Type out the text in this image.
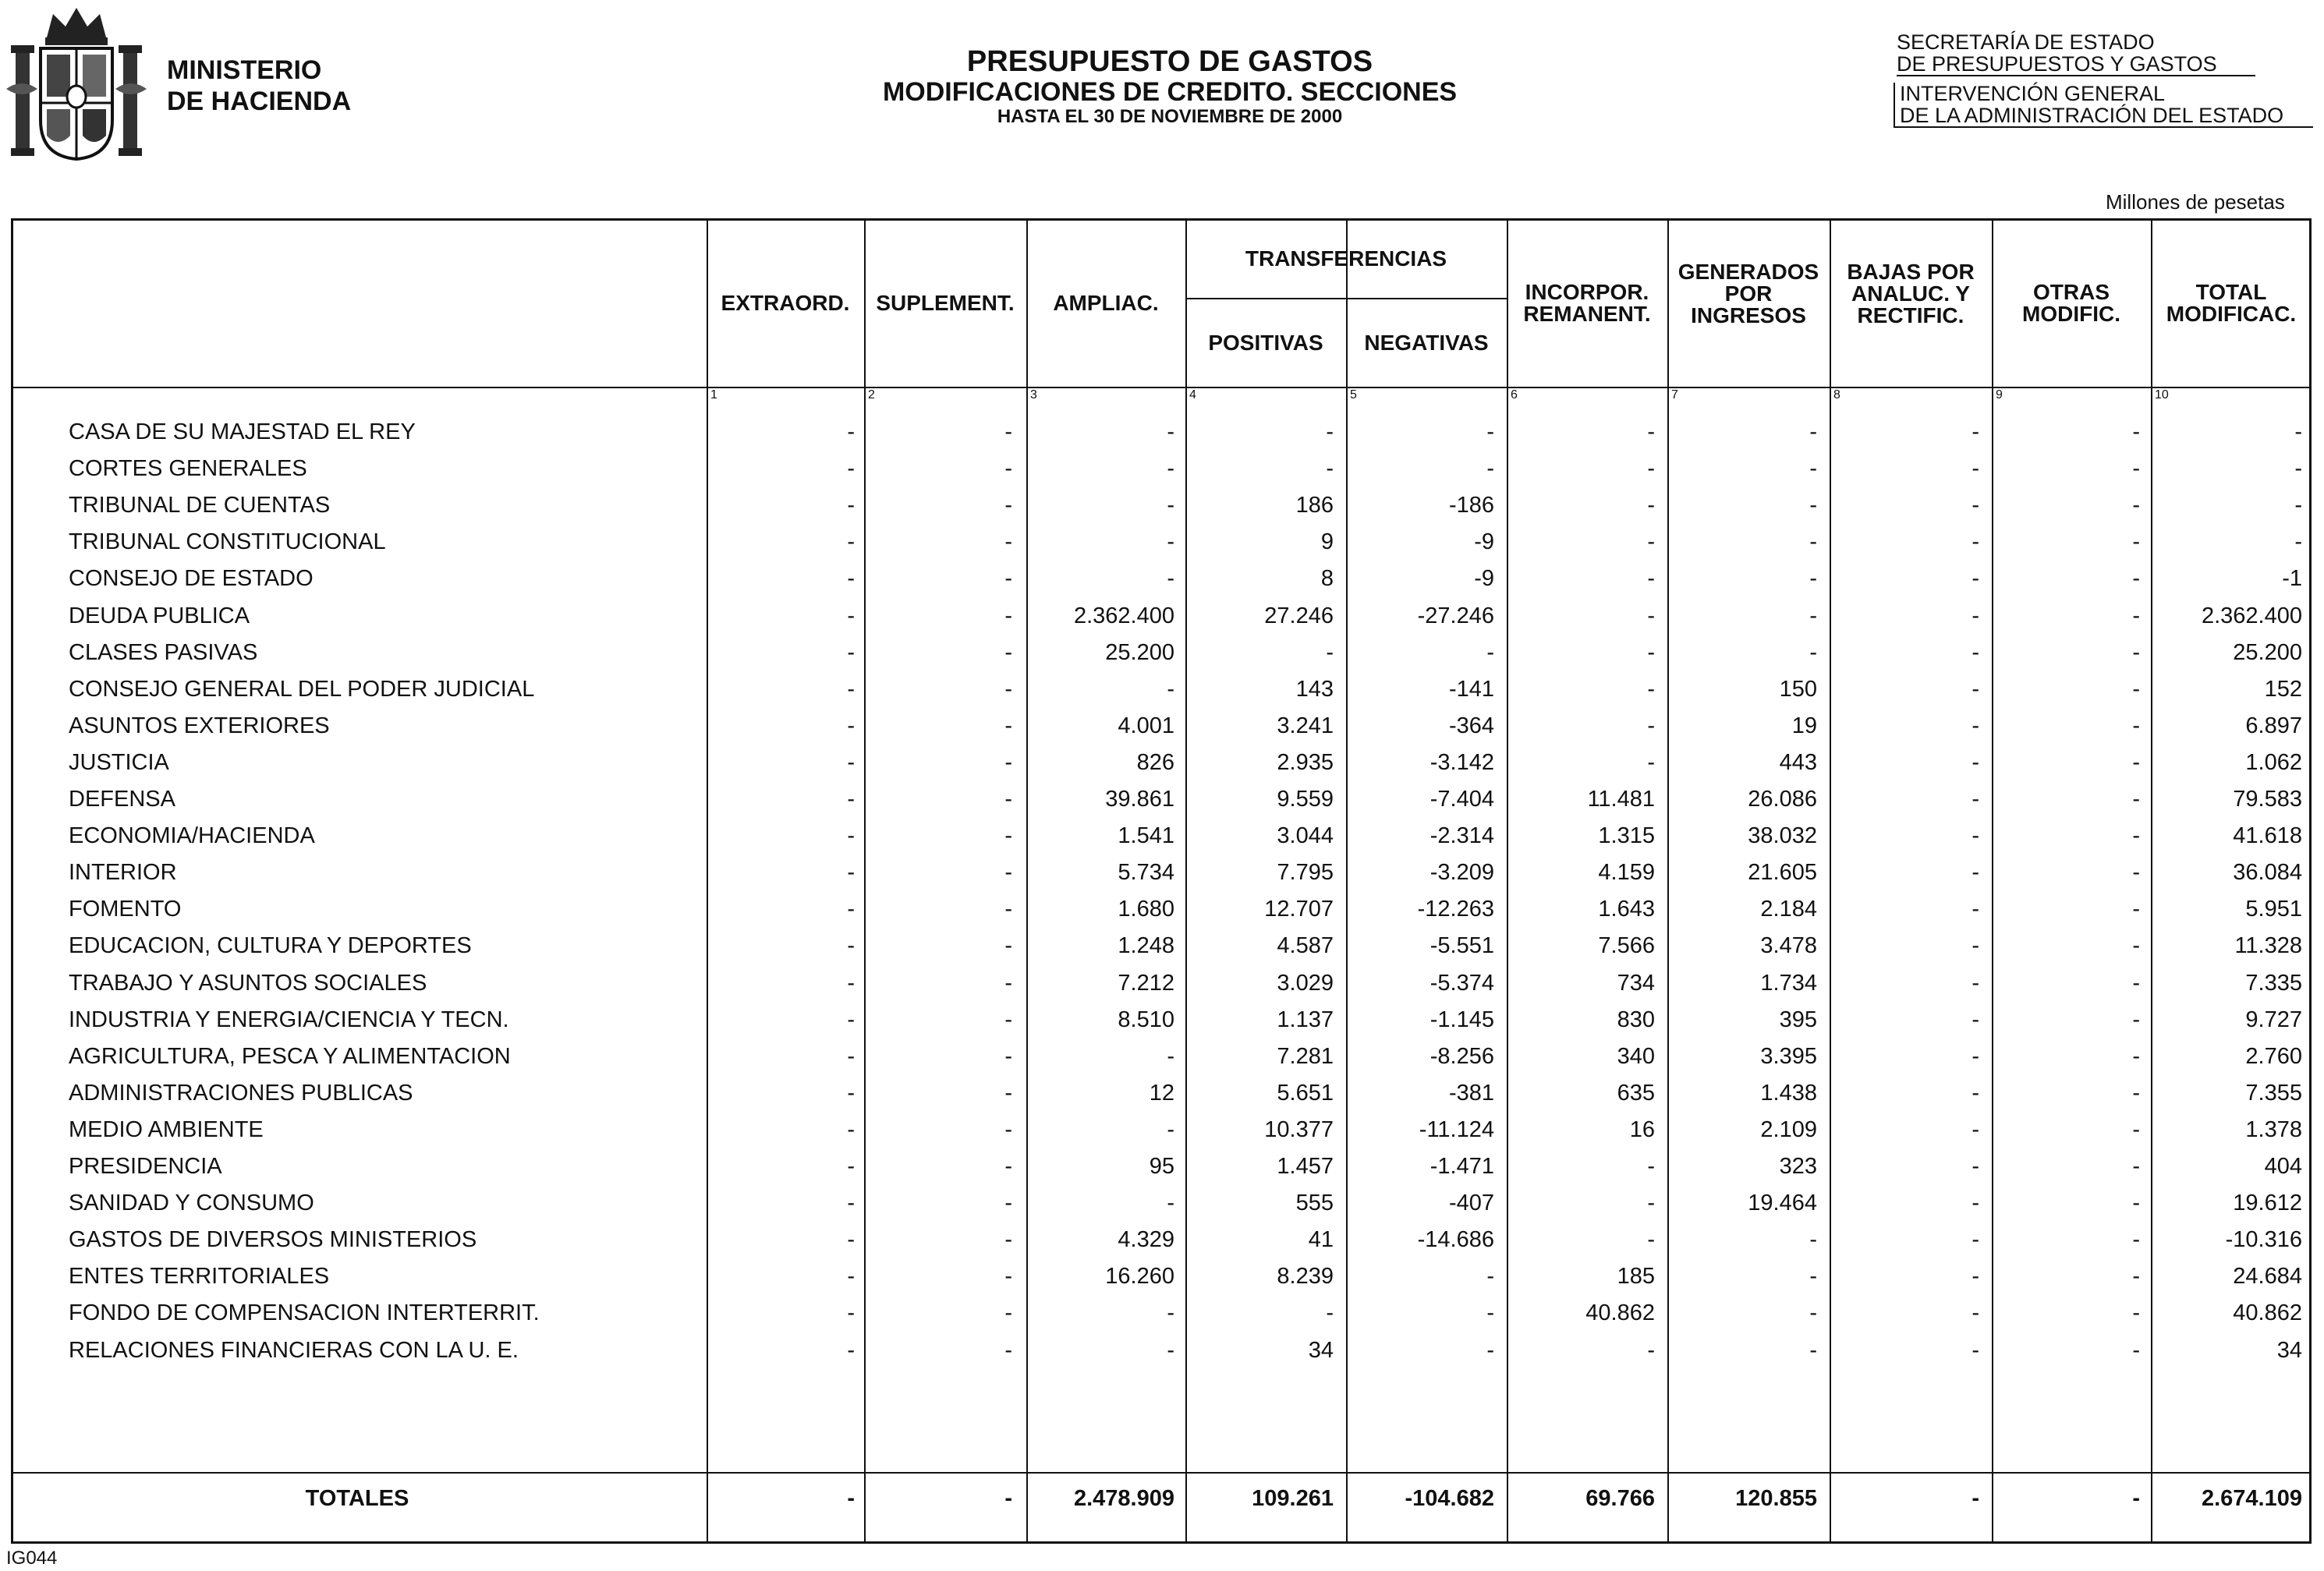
MINISTERIO
DE HACIENDA
PRESUPUESTO DE GASTOS
MODIFICACIONES DE CREDITO. SECCIONES
HASTA EL 30 DE NOVIEMBRE DE 2000
SECRETARÍA DE ESTADO
DE PRESUPUESTOS Y GASTOS
INTERVENCIÓN GENERAL
DE LA ADMINISTRACIÓN DEL ESTADO
Millones de pesetas
EXTRAORD. SUPLEMENT. AMPLIAC.
TRANSFERENCIAS
POSITIVAS NEGATIVAS
INCORPOR.
REMANENT.
GENERADOS
POR
INGRESOS
BAJAS POR
ANALUC. Y
RECTIFIC.
OTRAS
MODIFIC.
TOTAL
MODIFICAC.
1	2	3	4	5	6	7	8	9	10
CASA DE SU MAJESTAD EL REY	-	-	-	-	-	-	-	-	-	-
CORTES GENERALES	-	-	-	-	-	-	-	-	-	-
TRIBUNAL DE CUENTAS	-	-	-	186	-186	-	-	-	-	-
TRIBUNAL CONSTITUCIONAL	-	-	-	9	-9	-	-	-	-	-
CONSEJO DE ESTADO	-	-	-	8	-9	-	-	-	-	-1
DEUDA PUBLICA	-	-	2.362.400	27.246	-27.246	-	-	-	-	2.362.400
CLASES PASIVAS	-	-	25.200	-	-	-	-	-	-	25.200
CONSEJO GENERAL DEL PODER JUDICIAL	-	-	-	143	-141	-	150	-	-	152
ASUNTOS EXTERIORES	-	-	4.001	3.241	-364	-	19	-	-	6.897
JUSTICIA	-	-	826	2.935	-3.142	-	443	-	-	1.062
DEFENSA	-	-	39.861	9.559	-7.404	11.481	26.086	-	-	79.583
ECONOMIA/HACIENDA	-	-	1.541	3.044	-2.314	1.315	38.032	-	-	41.618
INTERIOR	-	-	5.734	7.795	-3.209	4.159	21.605	-	-	36.084
FOMENTO	-	-	1.680	12.707	-12.263	1.643	2.184	-	-	5.951
EDUCACION, CULTURA Y DEPORTES	-	-	1.248	4.587	-5.551	7.566	3.478	-	-	11.328
TRABAJO Y ASUNTOS SOCIALES	-	-	7.212	3.029	-5.374	734	1.734	-	-	7.335
INDUSTRIA Y ENERGIA/CIENCIA Y TECN.	-	-	8.510	1.137	-1.145	830	395	-	-	9.727
AGRICULTURA, PESCA Y ALIMENTACION	-	-	-	7.281	-8.256	340	3.395	-	-	2.760
ADMINISTRACIONES PUBLICAS	-	-	12	5.651	-381	635	1.438	-	-	7.355
MEDIO AMBIENTE	-	-	-	10.377	-11.124	16	2.109	-	-	1.378
PRESIDENCIA	-	-	95	1.457	-1.471	-	323	-	-	404
SANIDAD Y CONSUMO	-	-	-	555	-407	-	19.464	-	-	19.612
GASTOS DE DIVERSOS MINISTERIOS	-	-	4.329	41	-14.686	-	-	-	-	-10.316
ENTES TERRITORIALES	-	-	16.260	8.239	-	185	-	-	-	24.684
FONDO DE COMPENSACION INTERTERRIT.	-	-	-	-	-	40.862	-	-	-	40.862
RELACIONES FINANCIERAS CON LA U. E.	-	-	-	34	-	-	-	-	-	34
TOTALES	-	-	2.478.909	109.261	-104.682	69.766	120.855	-	-	2.674.109
IG044
